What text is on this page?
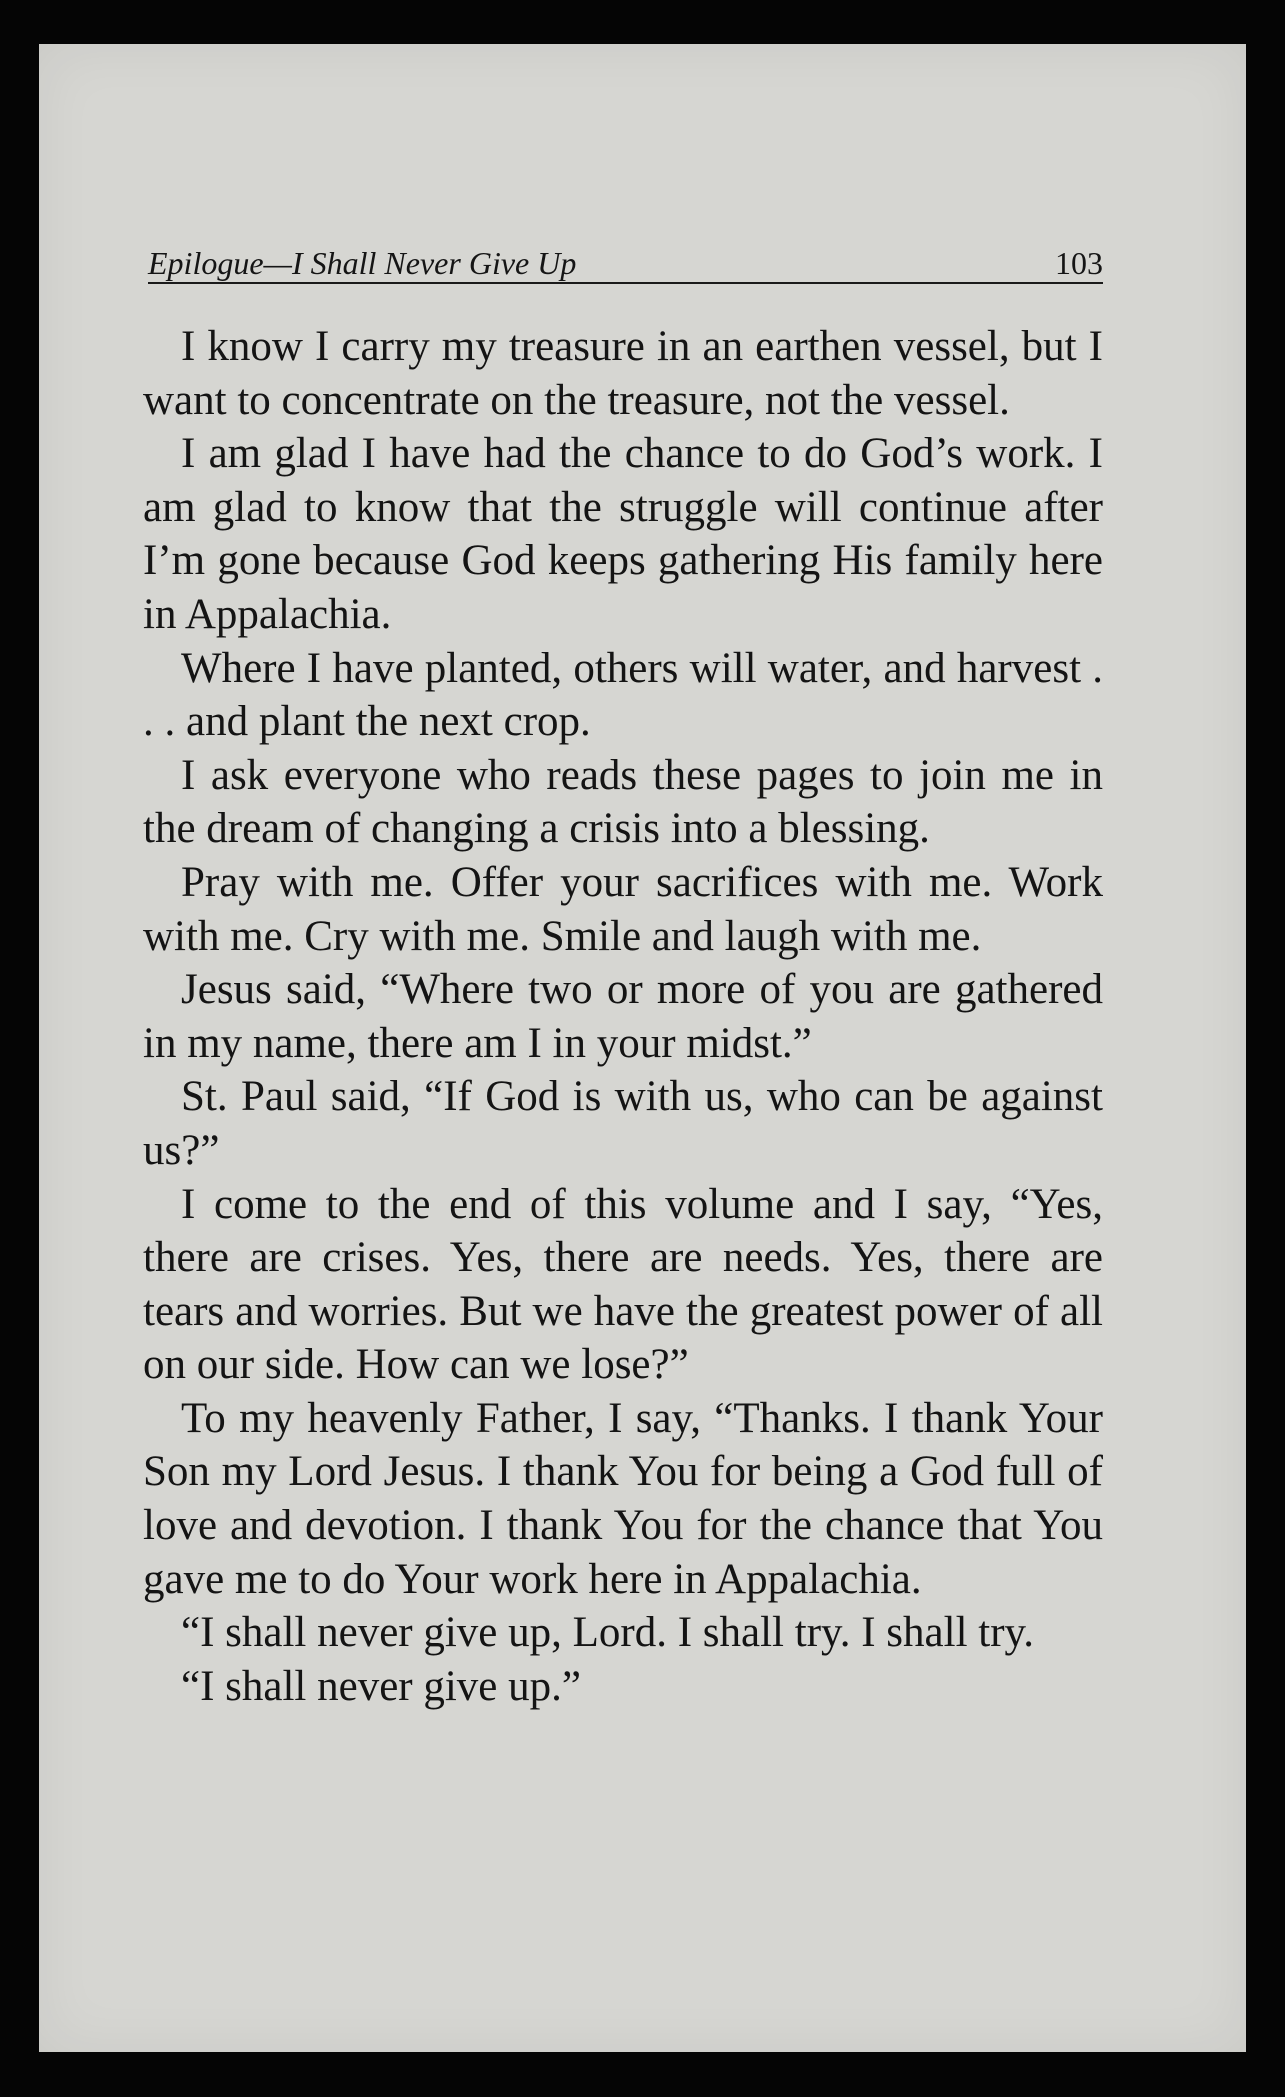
Epilogue—I Shall Never Give Up	103

I know I carry my treasure in an earthen vessel, but I want to concentrate on the treasure, not the vessel.

I am glad I have had the chance to do God’s work. I am glad to know that the struggle will continue after I’m gone because God keeps gathering His family here in Appalachia.

Where I have planted, others will water, and harvest . . . and plant the next crop.

I ask everyone who reads these pages to join me in the dream of changing a crisis into a blessing.

Pray with me. Offer your sacrifices with me. Work with me. Cry with me. Smile and laugh with me.

Jesus said, “Where two or more of you are gathered in my name, there am I in your midst.”

St. Paul said, “If God is with us, who can be against us?”

I come to the end of this volume and I say, “Yes, there are crises. Yes, there are needs. Yes, there are tears and worries. But we have the greatest power of all on our side. How can we lose?”

To my heavenly Father, I say, “Thanks. I thank Your Son my Lord Jesus. I thank You for being a God full of love and devotion. I thank You for the chance that You gave me to do Your work here in Appalachia.

“I shall never give up, Lord. I shall try. I shall try.

“I shall never give up.”
